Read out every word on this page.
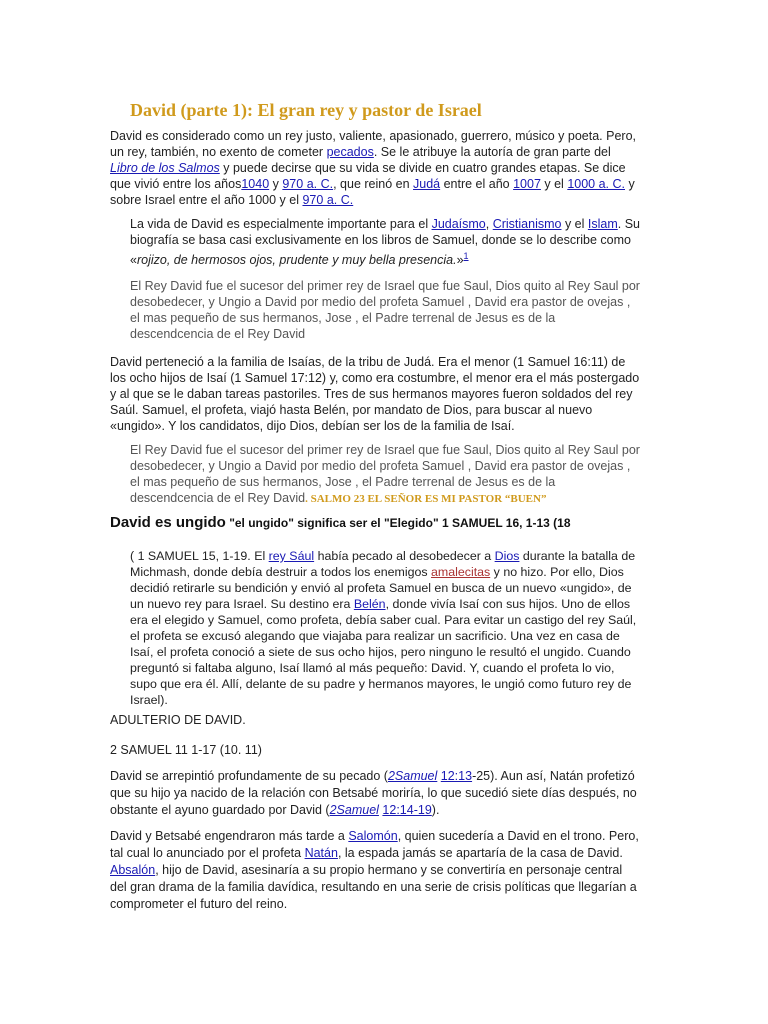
David (parte 1): El gran rey y pastor de Israel

David es considerado como un rey justo, valiente, apasionado, guerrero, músico y poeta. Pero, un rey, también, no exento de cometer pecados. Se le atribuye la autoría de gran parte del Libro de los Salmos y puede decirse que su vida se divide en cuatro grandes etapas. Se dice que vivió entre los años1040 y 970 a. C., que reinó en Judá entre el año 1007 y el 1000 a. C. y sobre Israel entre el año 1000 y el 970 a. C.

La vida de David es especialmente importante para el Judaísmo, Cristianismo y el Islam. Su biografía se basa casi exclusivamente en los libros de Samuel, donde se lo describe como «rojizo, de hermosos ojos, prudente y muy bella presencia.»$^1$

El Rey David fue el sucesor del primer rey de Israel que fue Saul, Dios quito al Rey Saul por desobedecer, y Ungio a David por medio del profeta Samuel , David era pastor de ovejas , el mas pequeño de sus hermanos, Jose , el Padre terrenal de Jesus es de la descendcencia de el Rey David

David perteneció a la familia de Isaías, de la tribu de Judá. Era el menor (1 Samuel 16:11) de los ocho hijos de Isaí (1 Samuel 17:12) y, como era costumbre, el menor era el más postergado y al que se le daban tareas pastoriles. Tres de sus hermanos mayores fueron soldados del rey Saúl. Samuel, el profeta, viajó hasta Belén, por mandato de Dios, para buscar al nuevo «ungido». Y los candidatos, dijo Dios, debían ser los de la familia de Isaí.

El Rey David fue el sucesor del primer rey de Israel que fue Saul, Dios quito al Rey Saul por desobedecer, y Ungio a David por medio del profeta Samuel , David era pastor de ovejas , el mas pequeño de sus hermanos, Jose , el Padre terrenal de Jesus es de la descendcencia de el Rey David. SALMO 23 EL SEÑOR ES MI PASTOR “BUEN”

David es ungido "el ungido" significa ser el "Elegido" 1 SAMUEL 16, 1-13 (18

( 1 SAMUEL 15, 1-19. El rey Sául había pecado al desobedecer a Dios durante la batalla de Michmash, donde debía destruir a todos los enemigos amalecitas y no hizo. Por ello, Dios decidió retirarle su bendición y envió al profeta Samuel en busca de un nuevo «ungido», de un nuevo rey para Israel. Su destino era Belén, donde vivía Isaí con sus hijos. Uno de ellos era el elegido y Samuel, como profeta, debía saber cual. Para evitar un castigo del rey Saúl, el profeta se excusó alegando que viajaba para realizar un sacrificio. Una vez en casa de Isaí, el profeta conoció a siete de sus ocho hijos, pero ninguno le resultó el ungido. Cuando preguntó si faltaba alguno, Isaí llamó al más pequeño: David. Y, cuando el profeta lo vio, supo que era él. Allí, delante de su padre y hermanos mayores, le ungió como futuro rey de Israel).

ADULTERIO DE DAVID.

2 SAMUEL 11 1-17 (10. 11)

David se arrepintió profundamente de su pecado (2Samuel 12:13-25). Aun así, Natán profetizó que su hijo ya nacido de la relación con Betsabé moriría, lo que sucedió siete días después, no obstante el ayuno guardado por David (2Samuel 12:14-19).

David y Betsabé engendraron más tarde a Salomón, quien sucedería a David en el trono. Pero, tal cual lo anunciado por el profeta Natán, la espada jamás se apartaría de la casa de David. Absalón, hijo de David, asesinaría a su propio hermano y se convertiría en personaje central del gran drama de la familia davídica, resultando en una serie de crisis políticas que llegarían a comprometer el futuro del reino.
